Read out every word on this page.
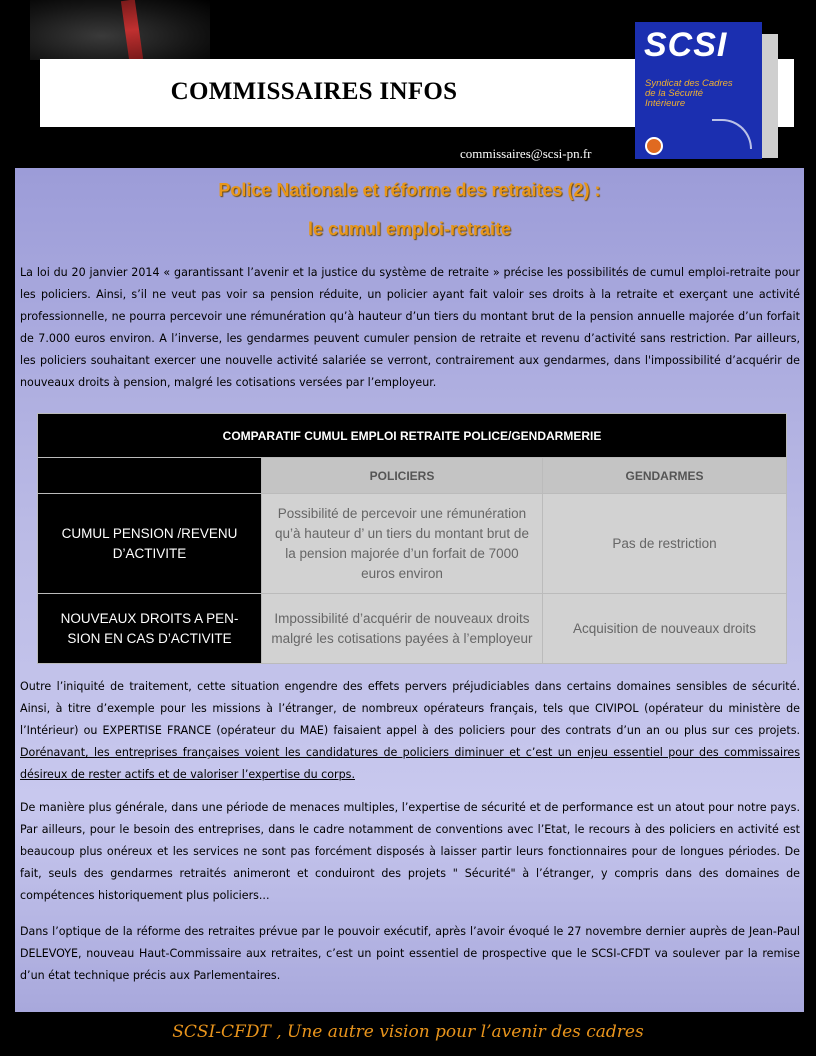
COMMISSAIRES INFOS
SCSI
Syndicat des Cadres de la Sécurité Intérieure
commissaires@scsi-pn.fr
Police Nationale et réforme des retraites (2) :
le cumul emploi-retraite
La loi du 20 janvier 2014 « garantissant l’avenir et la justice du système de retraite » précise les possibilités de cumul emploi-retraite pour les policiers. Ainsi, s’il ne veut pas voir sa pension réduite, un policier ayant fait valoir ses droits à la retraite et exerçant une activité professionnelle, ne pourra percevoir une rémunération qu’à hauteur d’un tiers du montant brut de la pension annuelle majorée d’un forfait de 7.000 euros environ. A l’inverse, les gendarmes peuvent cumuler pension de retraite et revenu d’activité sans restriction. Par ailleurs, les policiers souhaitant exercer une nouvelle activité salariée se verront, contrairement aux gendarmes, dans l'impossibilité d’acquérir de nouveaux droits à pension, malgré les cotisations versées par l’employeur.
Outre l’iniquité de traitement, cette situation engendre des effets pervers préjudiciables dans certains domaines sensibles de sécurité. Ainsi, à titre d’exemple pour les missions à l’étranger, de nombreux opérateurs français, tels que CIVIPOL (opérateur du ministère de l’Intérieur) ou EXPERTISE FRANCE (opérateur du MAE) faisaient appel à des policiers pour des contrats d’un an ou plus sur ces projets. Dorénavant, les entreprises françaises voient les candidatures de policiers diminuer et c’est un enjeu essentiel pour des commissaires désireux de rester actifs et de valoriser l’expertise du corps.
De manière plus générale, dans une période de menaces multiples, l’expertise de sécurité et de performance est un atout pour notre pays. Par ailleurs, pour le besoin des entreprises, dans le cadre notamment de conventions avec l’Etat, le recours à des policiers en activité est beaucoup plus onéreux et les services ne sont pas forcément disposés à laisser partir leurs fonctionnaires pour de longues périodes. De fait, seuls des gendarmes retraités animeront et conduiront des projets " Sécurité" à l’étranger, y compris dans des domaines de compétences historiquement plus policiers...
Dans l’optique de la réforme des retraites prévue par le pouvoir exécutif, après l’avoir évoqué le 27 novembre dernier auprès de Jean-Paul DELEVOYE, nouveau Haut-Commissaire aux retraites, c’est un point essentiel de prospective que le SCSI-CFDT va soulever par la remise d’un état technique précis aux Parlementaires.
COMPARATIF CUMUL EMPLOI RETRAITE POLICE/GENDARMERIE		
	POLICIERS	GENDARMES
CUMUL PENSION /REVENU D’ACTIVITE	Possibilité de percevoir une rémunération qu’à hauteur d’ un tiers du montant brut de la pension majorée d’un forfait de 7000 euros environ	Pas de restriction
NOUVEAUX DROITS A PEN-SION EN CAS D’ACTIVITE	Impossibilité d’acquérir de nouveaux droits malgré les cotisations payées à l’employeur	Acquisition de nouveaux droits
SCSI-CFDT , Une autre vision pour l’avenir des cadres
